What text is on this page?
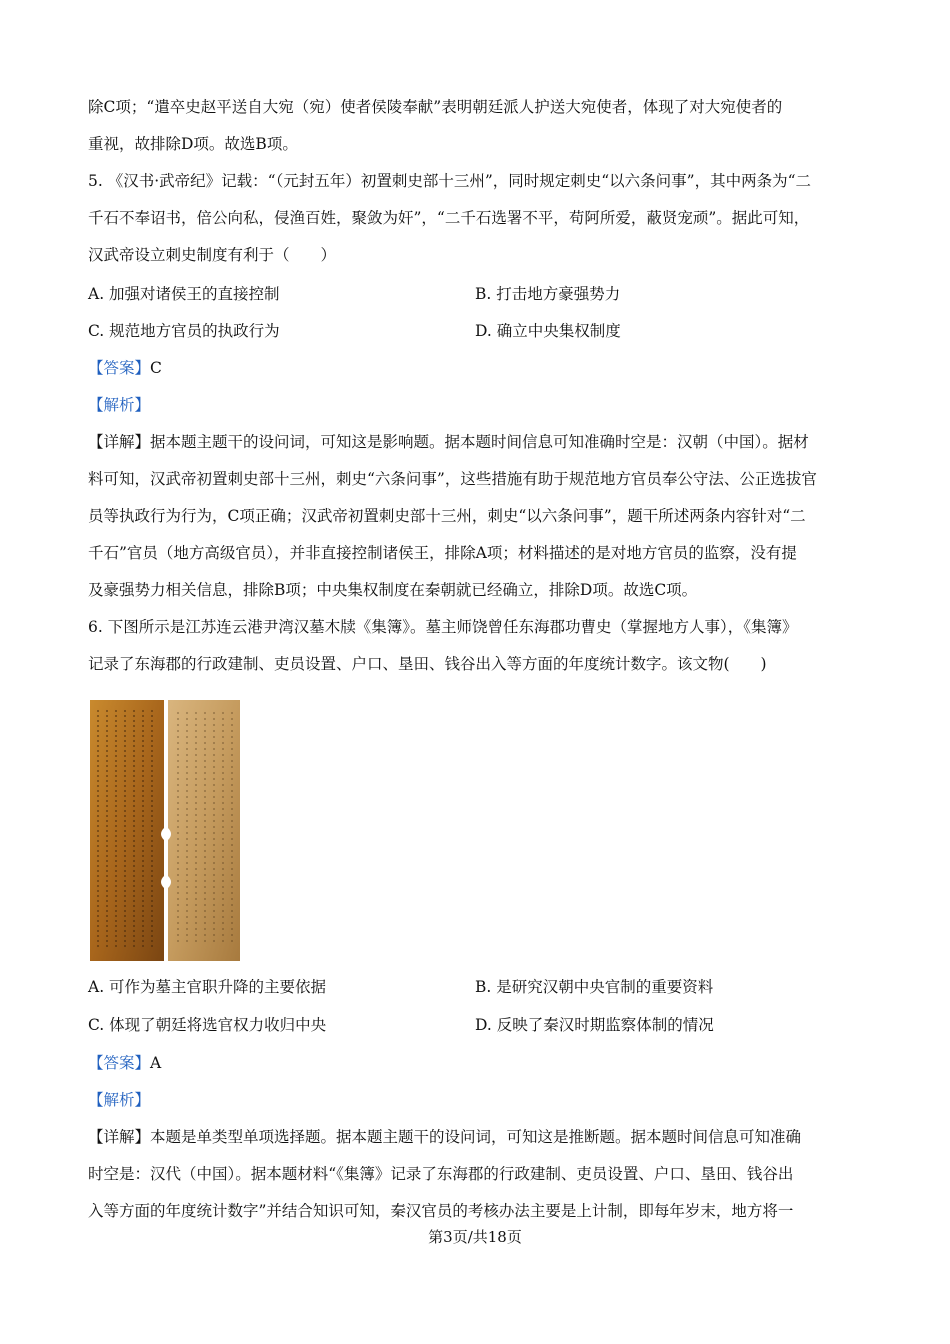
除C项；“遣卒史赵平送自大宛（宛）使者侯陵奉献”表明朝廷派人护送大宛使者，体现了对大宛使者的
重视，故排除D项。故选B项。
5. 《汉书·武帝纪》记载：“（元封五年）初置刺史部十三州”，同时规定刺史“以六条问事”，其中两条为“二
千石不奉诏书，倍公向私，侵渔百姓，聚敛为奸”，“二千石选署不平，苟阿所爱，蔽贤宠顽”。据此可知，
汉武帝设立刺史制度有利于（　　）
A. 加强对诸侯王的直接控制	B. 打击地方豪强势力
C. 规范地方官员的执政行为	D. 确立中央集权制度
【答案】C
【解析】
【详解】据本题主题干的设问词，可知这是影响题。据本题时间信息可知准确时空是：汉朝（中国）。据材
料可知，汉武帝初置刺史部十三州，刺史“六条问事”，这些措施有助于规范地方官员奉公守法、公正选拔官
员等执政行为行为，C项正确；汉武帝初置刺史部十三州，刺史“以六条问事”，题干所述两条内容针对“二
千石”官员（地方高级官员），并非直接控制诸侯王，排除A项；材料描述的是对地方官员的监察，没有提
及豪强势力相关信息，排除B项；中央集权制度在秦朝就已经确立，排除D项。故选C项。
6. 下图所示是江苏连云港尹湾汉墓木牍《集簿》。墓主师饶曾任东海郡功曹史（掌握地方人事），《集簿》
记录了东海郡的行政建制、吏员设置、户口、垦田、钱谷出入等方面的年度统计数字。该文物(　　)
A. 可作为墓主官职升降的主要依据	B. 是研究汉朝中央官制的重要资料
C. 体现了朝廷将选官权力收归中央	D. 反映了秦汉时期监察体制的情况
【答案】A
【解析】
【详解】本题是单类型单项选择题。据本题主题干的设问词，可知这是推断题。据本题时间信息可知准确
时空是：汉代（中国）。据本题材料“《集簿》记录了东海郡的行政建制、吏员设置、户口、垦田、钱谷出
入等方面的年度统计数字”并结合知识可知，秦汉官员的考核办法主要是上计制，即每年岁末，地方将一
第3页/共18页
